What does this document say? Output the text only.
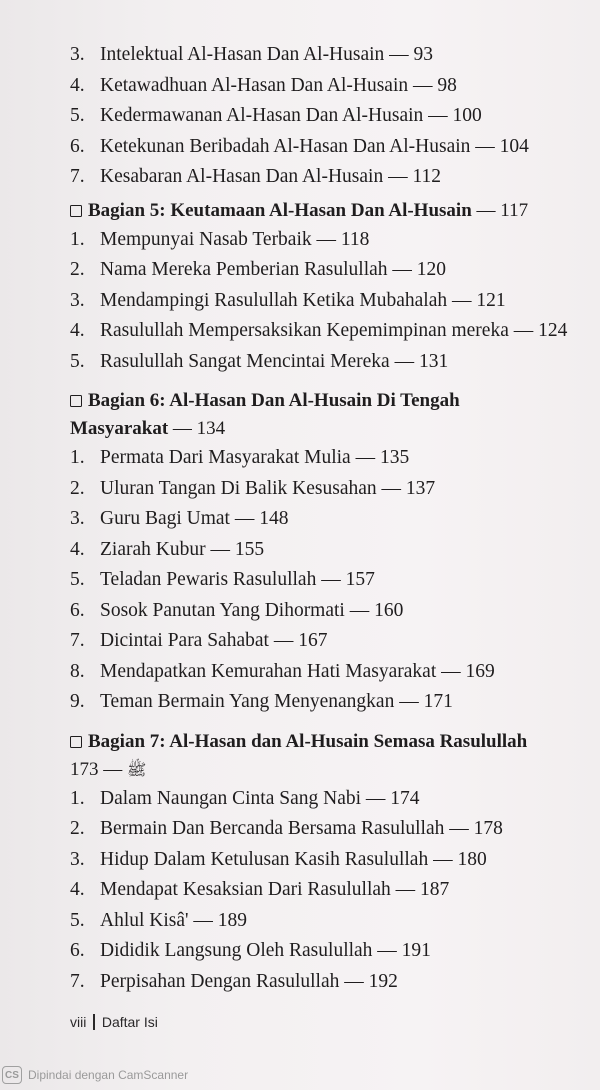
3. Intelektual Al-Hasan Dan Al-Husain — 93
4. Ketawadhuan Al-Hasan Dan Al-Husain — 98
5. Kedermawanan Al-Hasan Dan Al-Husain — 100
6. Ketekunan Beribadah Al-Hasan Dan Al-Husain — 104
7. Kesabaran Al-Hasan Dan Al-Husain — 112
Bagian 5: Keutamaan Al-Hasan Dan Al-Husain — 117
1. Mempunyai Nasab Terbaik — 118
2. Nama Mereka Pemberian Rasulullah — 120
3. Mendampingi Rasulullah Ketika Mubahalah — 121
4. Rasulullah Mempersaksikan Kepemimpinan mereka — 124
5. Rasulullah Sangat Mencintai Mereka — 131
Bagian 6: Al-Hasan Dan Al-Husain Di Tengah
Masyarakat — 134
1. Permata Dari Masyarakat Mulia — 135
2. Uluran Tangan Di Balik Kesusahan — 137
3. Guru Bagi Umat — 148
4. Ziarah Kubur — 155
5. Teladan Pewaris Rasulullah — 157
6. Sosok Panutan Yang Dihormati — 160
7. Dicintai Para Sahabat — 167
8. Mendapatkan Kemurahan Hati Masyarakat — 169
9. Teman Bermain Yang Menyenangkan — 171
Bagian 7: Al-Hasan dan Al-Husain Semasa Rasulullah
ﷺ — 173
1. Dalam Naungan Cinta Sang Nabi — 174
2. Bermain Dan Bercanda Bersama Rasulullah — 178
3. Hidup Dalam Ketulusan Kasih Rasulullah — 180
4. Mendapat Kesaksian Dari Rasulullah — 187
5. Ahlul Kisâ' — 189
6. Dididik Langsung Oleh Rasulullah — 191
7. Perpisahan Dengan Rasulullah — 192
viii Daftar Isi
CS Dipindai dengan CamScanner
